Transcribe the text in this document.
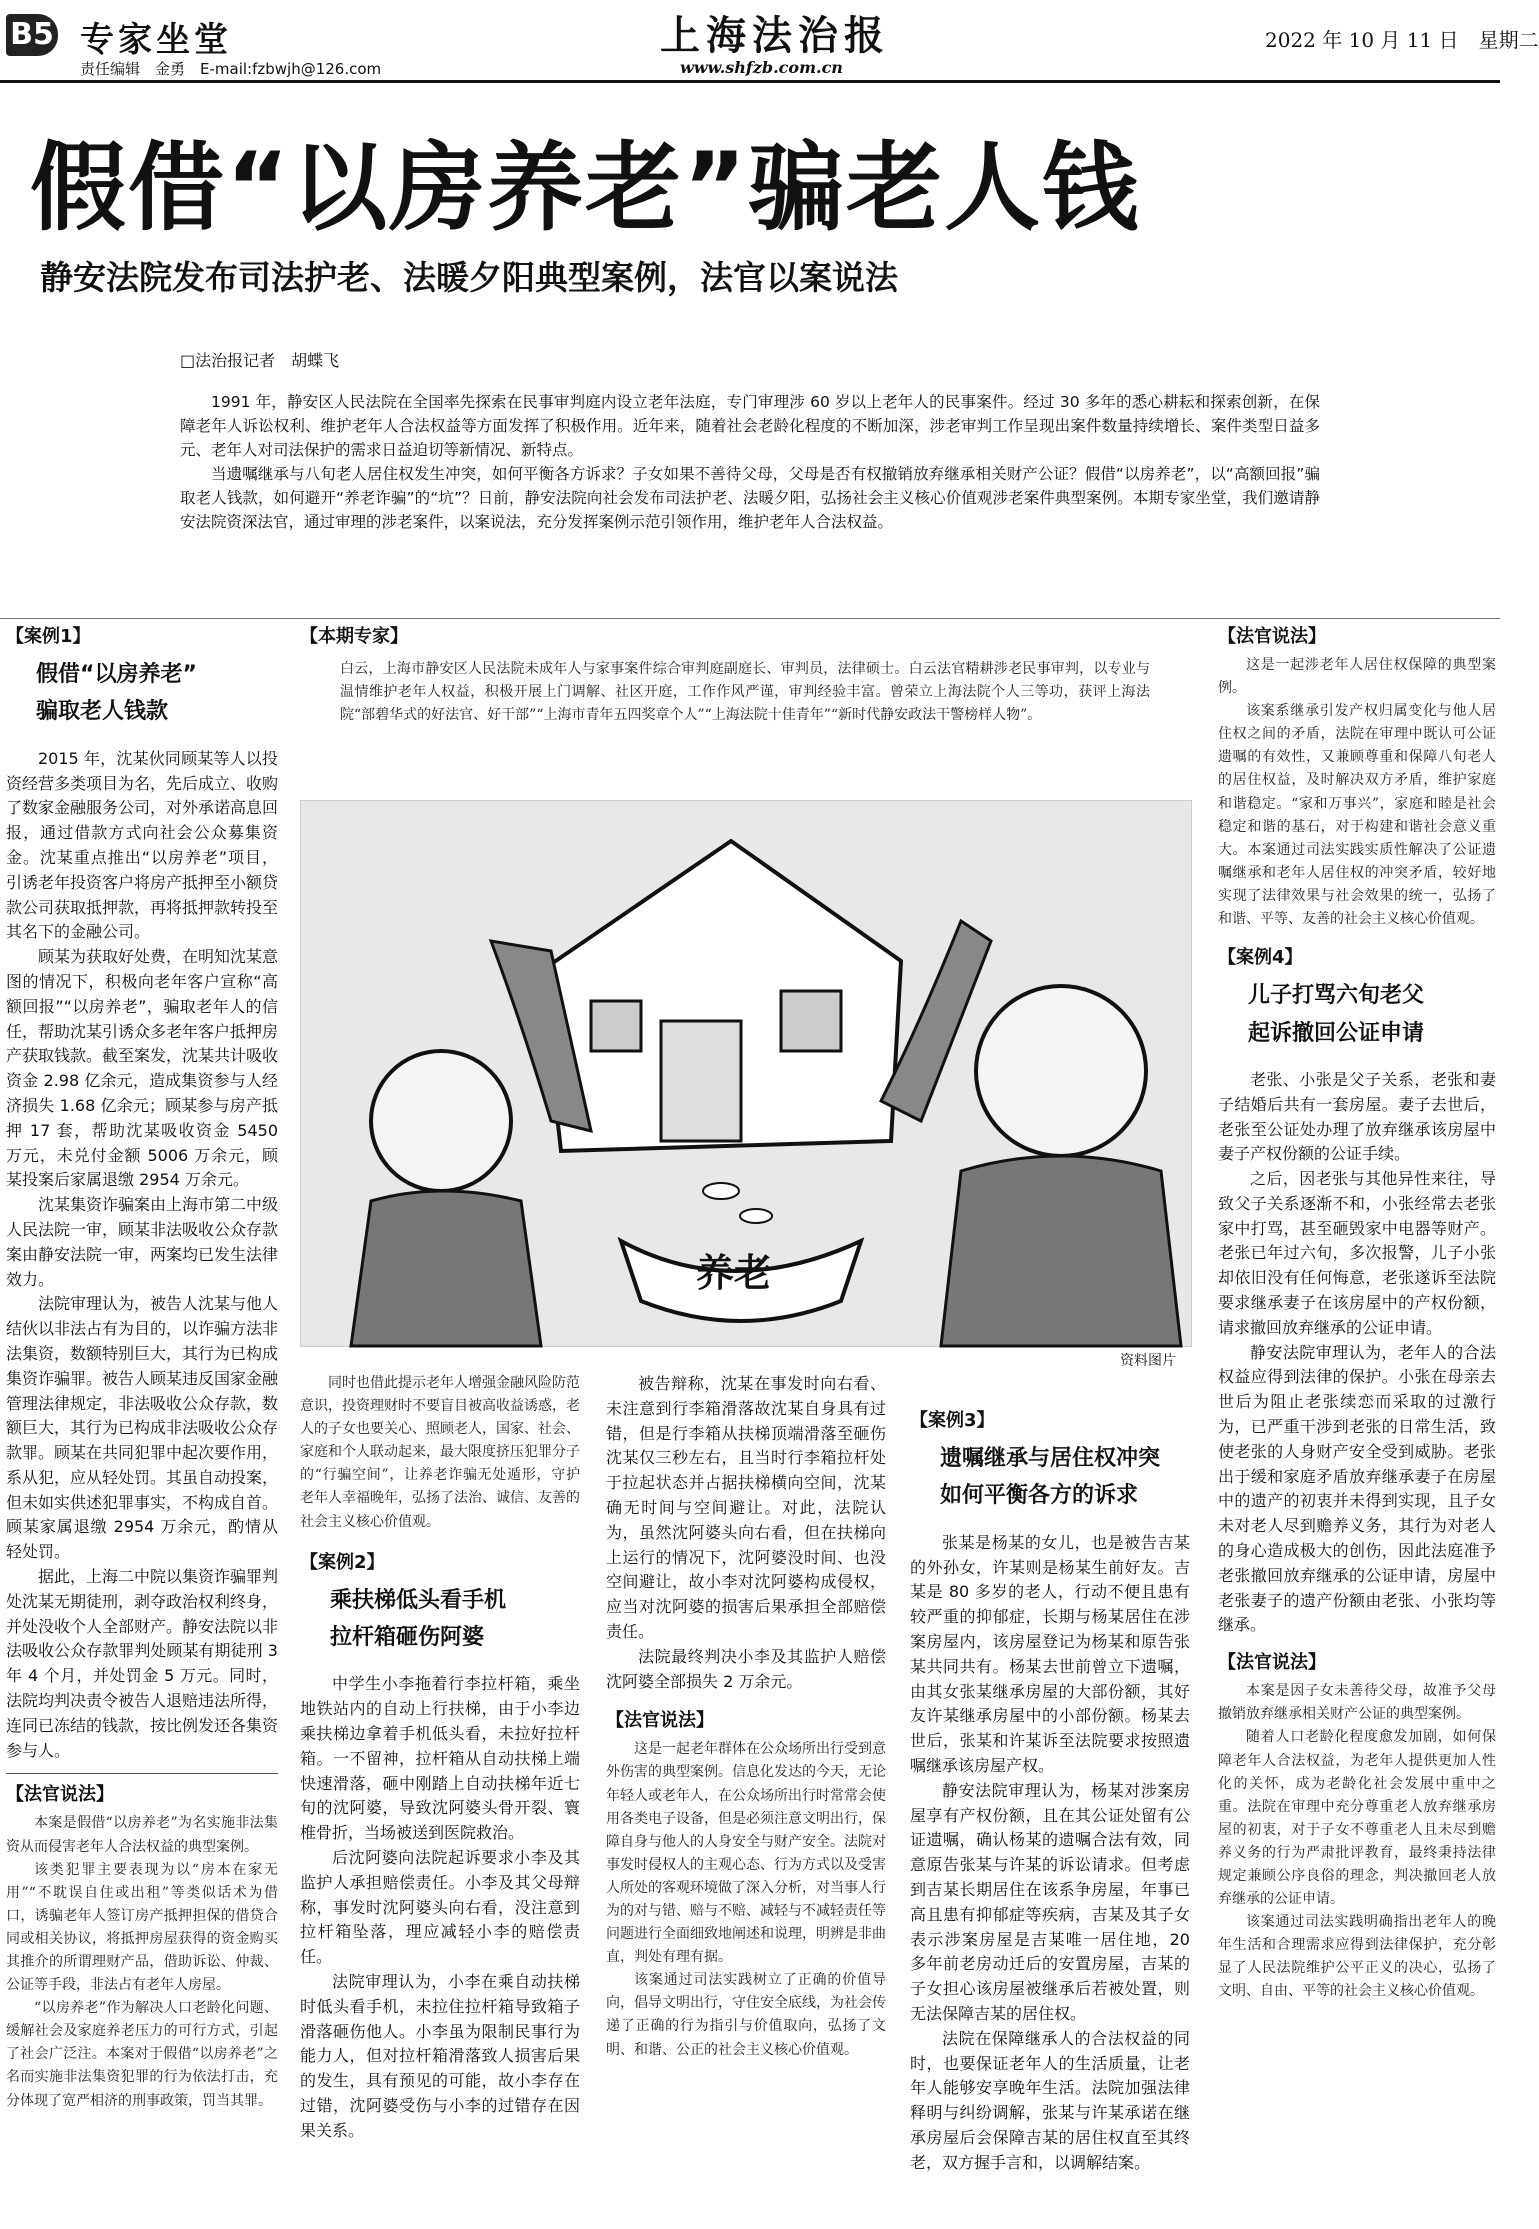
B5 专家坐堂
责任编辑　金勇　E-mail:fzbwjh@126.com
上海法治报
www.shfzb.com.cn
2022 年 10 月 11 日　星期二
假借“以房养老”骗老人钱
静安法院发布司法护老、法暖夕阳典型案例，法官以案说法
□法治报记者　胡蝶飞

1991 年，静安区人民法院在全国率先探索在民事审判庭内设立老年法庭，专门审理涉 60 岁以上老年人的民事案件。经过 30 多年的悉心耕耘和探索创新，在保障老年人诉讼权利、维护老年人合法权益等方面发挥了积极作用。近年来，随着社会老龄化程度的不断加深，涉老审判工作呈现出案件数量持续增长、案件类型日益多元、老年人对司法保护的需求日益迫切等新情况、新特点。

当遗嘱继承与八旬老人居住权发生冲突，如何平衡各方诉求？子女如果不善待父母，父母是否有权撤销放弃继承相关财产公证？假借“以房养老”，以“高额回报”骗取老人钱款，如何避开“养老诈骗”的“坑”？日前，静安法院向社会发布司法护老、法暖夕阳，弘扬社会主义核心价值观涉老案件典型案例。本期专家坐堂，我们邀请静安法院资深法官，通过审理的涉老案件，以案说法，充分发挥案例示范引领作用，维护老年人合法权益。

【案例1】
假借“以房养老”
骗取老人钱款

2015 年，沈某伙同顾某等人以投资经营多类项目为名，先后成立、收购了数家金融服务公司，对外承诺高息回报，通过借款方式向社会公众募集资金。沈某重点推出“以房养老”项目，引诱老年投资客户将房产抵押至小额贷款公司获取抵押款，再将抵押款转投至其名下的金融公司。

顾某为获取好处费，在明知沈某意图的情况下，积极向老年客户宣称“高额回报”“以房养老”，骗取老年人的信任，帮助沈某引诱众多老年客户抵押房产获取钱款。截至案发，沈某共计吸收资金 2.98 亿余元，造成集资参与人经济损失 1.68 亿余元；顾某参与房产抵押 17 套，帮助沈某吸收资金 5450 万元，未兑付金额 5006 万余元，顾某投案后家属退缴 2954 万余元。

沈某集资诈骗案由上海市第二中级人民法院一审，顾某非法吸收公众存款案由静安法院一审，两案均已发生法律效力。

法院审理认为，被告人沈某与他人结伙以非法占有为目的，以诈骗方法非法集资，数额特别巨大，其行为已构成集资诈骗罪。被告人顾某违反国家金融管理法律规定，非法吸收公众存款，数额巨大，其行为已构成非法吸收公众存款罪。顾某在共同犯罪中起次要作用，系从犯，应从轻处罚。其虽自动投案，但未如实供述犯罪事实，不构成自首。顾某家属退缴 2954 万余元，酌情从轻处罚。

据此，上海二中院以集资诈骗罪判处沈某无期徒刑，剥夺政治权利终身，并处没收个人全部财产。静安法院以非法吸收公众存款罪判处顾某有期徒刑 3 年 4 个月，并处罚金 5 万元。同时，法院均判决责令被告人退赔违法所得，连同已冻结的钱款，按比例发还各集资参与人。

【法官说法】

本案是假借“以房养老”为名实施非法集资从而侵害老年人合法权益的典型案例。

该类犯罪主要表现为以“房本在家无用”“不耽误自住或出租”等类似话术为借口，诱骗老年人签订房产抵押担保的借贷合同或相关协议，将抵押房屋获得的资金购买其推介的所谓理财产品，借助诉讼、仲裁、公证等手段，非法占有老年人房屋。

“以房养老”作为解决人口老龄化问题、缓解社会及家庭养老压力的可行方式，引起了社会广泛注。本案对于假借“以房养老”之名而实施非法集资犯罪的行为依法打击，充分体现了宽严相济的刑事政策，罚当其罪。

【本期专家】
白云，上海市静安区人民法院未成年人与家事案件综合审判庭副庭长、审判员，法律硕士。白云法官精耕涉老民事审判，以专业与温情维护老年人权益，积极开展上门调解、社区开庭，工作作风严谨，审判经验丰富。曾荣立上海法院个人三等功，获评上海法院“部碧华式的好法官、好干部”“上海市青年五四奖章个人”“上海法院十佳青年”“新时代静安政法干警榜样人物”。
养老
资料图片

同时也借此提示老年人增强金融风险防范意识，投资理财时不要盲目被高收益诱惑，老人的子女也要关心、照顾老人，国家、社会、家庭和个人联动起来，最大限度挤压犯罪分子的“行骗空间”，让养老诈骗无处遁形，守护老年人幸福晚年，弘扬了法治、诚信、友善的社会主义核心价值观。

【案例2】
乘扶梯低头看手机
拉杆箱砸伤阿婆

中学生小李拖着行李拉杆箱，乘坐地铁站内的自动上行扶梯，由于小李边乘扶梯边拿着手机低头看，未拉好拉杆箱。一不留神，拉杆箱从自动扶梯上端快速滑落，砸中刚踏上自动扶梯年近七旬的沈阿婆，导致沈阿婆头骨开裂、寰椎骨折，当场被送到医院救治。

后沈阿婆向法院起诉要求小李及其监护人承担赔偿责任。小李及其父母辩称，事发时沈阿婆头向右看，没注意到拉杆箱坠落，理应减轻小李的赔偿责任。

法院审理认为，小李在乘自动扶梯时低头看手机，未拉住拉杆箱导致箱子滑落砸伤他人。小李虽为限制民事行为能力人，但对拉杆箱滑落致人损害后果的发生，具有预见的可能，故小李存在过错，沈阿婆受伤与小李的过错存在因果关系。

被告辩称，沈某在事发时向右看、未注意到行李箱滑落故沈某自身具有过错，但是行李箱从扶梯顶端滑落至砸伤沈某仅三秒左右，且当时行李箱拉杆处于拉起状态并占据扶梯横向空间，沈某确无时间与空间避让。对此，法院认为，虽然沈阿婆头向右看，但在扶梯向上运行的情况下，沈阿婆没时间、也没空间避让，故小李对沈阿婆构成侵权，应当对沈阿婆的损害后果承担全部赔偿责任。

法院最终判决小李及其监护人赔偿沈阿婆全部损失 2 万余元。

【法官说法】

这是一起老年群体在公众场所出行受到意外伤害的典型案例。信息化发达的今天，无论年轻人或老年人，在公众场所出行时常常会使用各类电子设备，但是必须注意文明出行，保障自身与他人的人身安全与财产安全。法院对事发时侵权人的主观心态、行为方式以及受害人所处的客观环境做了深入分析，对当事人行为的对与错、赔与不赔、减轻与不减轻责任等问题进行全面细致地阐述和说理，明辨是非曲直，判处有理有据。

该案通过司法实践树立了正确的价值导向，倡导文明出行，守住安全底线，为社会传递了正确的行为指引与价值取向，弘扬了文明、和谐、公正的社会主义核心价值观。

【案例3】
遗嘱继承与居住权冲突
如何平衡各方的诉求

张某是杨某的女儿，也是被告吉某的外孙女，许某则是杨某生前好友。吉某是 80 多岁的老人，行动不便且患有较严重的抑郁症，长期与杨某居住在涉案房屋内，该房屋登记为杨某和原告张某共同共有。杨某去世前曾立下遗嘱，由其女张某继承房屋的大部份额，其好友许某继承房屋中的小部份额。杨某去世后，张某和许某诉至法院要求按照遗嘱继承该房屋产权。

静安法院审理认为，杨某对涉案房屋享有产权份额，且在其公证处留有公证遗嘱，确认杨某的遗嘱合法有效，同意原告张某与许某的诉讼请求。但考虑到吉某长期居住在该系争房屋，年事已高且患有抑郁症等疾病，吉某及其子女表示涉案房屋是吉某唯一居住地，20 多年前老房动迁后的安置房屋，吉某的子女担心该房屋被继承后若被处置，则无法保障吉某的居住权。

法院在保障继承人的合法权益的同时，也要保证老年人的生活质量，让老年人能够安享晚年生活。法院加强法律释明与纠纷调解，张某与许某承诺在继承房屋后会保障吉某的居住权直至其终老，双方握手言和，以调解结案。

【法官说法】

这是一起涉老年人居住权保障的典型案例。

该案系继承引发产权归属变化与他人居住权之间的矛盾，法院在审理中既认可公证遗嘱的有效性，又兼顾尊重和保障八旬老人的居住权益，及时解决双方矛盾，维护家庭和谐稳定。“家和万事兴”，家庭和睦是社会稳定和谐的基石，对于构建和谐社会意义重大。本案通过司法实践实质性解决了公证遗嘱继承和老年人居住权的冲突矛盾，较好地实现了法律效果与社会效果的统一，弘扬了和谐、平等、友善的社会主义核心价值观。

【案例4】
儿子打骂六旬老父
起诉撤回公证申请

老张、小张是父子关系，老张和妻子结婚后共有一套房屋。妻子去世后，老张至公证处办理了放弃继承该房屋中妻子产权份额的公证手续。

之后，因老张与其他异性来往，导致父子关系逐渐不和，小张经常去老张家中打骂，甚至砸毁家中电器等财产。老张已年过六旬，多次报警，儿子小张却依旧没有任何悔意，老张遂诉至法院要求继承妻子在该房屋中的产权份额，请求撤回放弃继承的公证申请。

静安法院审理认为，老年人的合法权益应得到法律的保护。小张在母亲去世后为阻止老张续恋而采取的过激行为，已严重干涉到老张的日常生活，致使老张的人身财产安全受到威胁。老张出于缓和家庭矛盾放弃继承妻子在房屋中的遗产的初衷并未得到实现，且子女未对老人尽到赡养义务，其行为对老人的身心造成极大的创伤，因此法庭准予老张撤回放弃继承的公证申请，房屋中老张妻子的遗产份额由老张、小张均等继承。

【法官说法】

本案是因子女未善待父母，故准予父母撤销放弃继承相关财产公证的典型案例。

随着人口老龄化程度愈发加剧，如何保障老年人合法权益，为老年人提供更加人性化的关怀，成为老龄化社会发展中重中之重。法院在审理中充分尊重老人放弃继承房屋的初衷，对于子女不尊重老人且未尽到赡养义务的行为严肃批评教育，最终秉持法律规定兼顾公序良俗的理念，判决撤回老人放弃继承的公证申请。

该案通过司法实践明确指出老年人的晚年生活和合理需求应得到法律保护，充分彰显了人民法院维护公平正义的决心，弘扬了文明、自由、平等的社会主义核心价值观。
